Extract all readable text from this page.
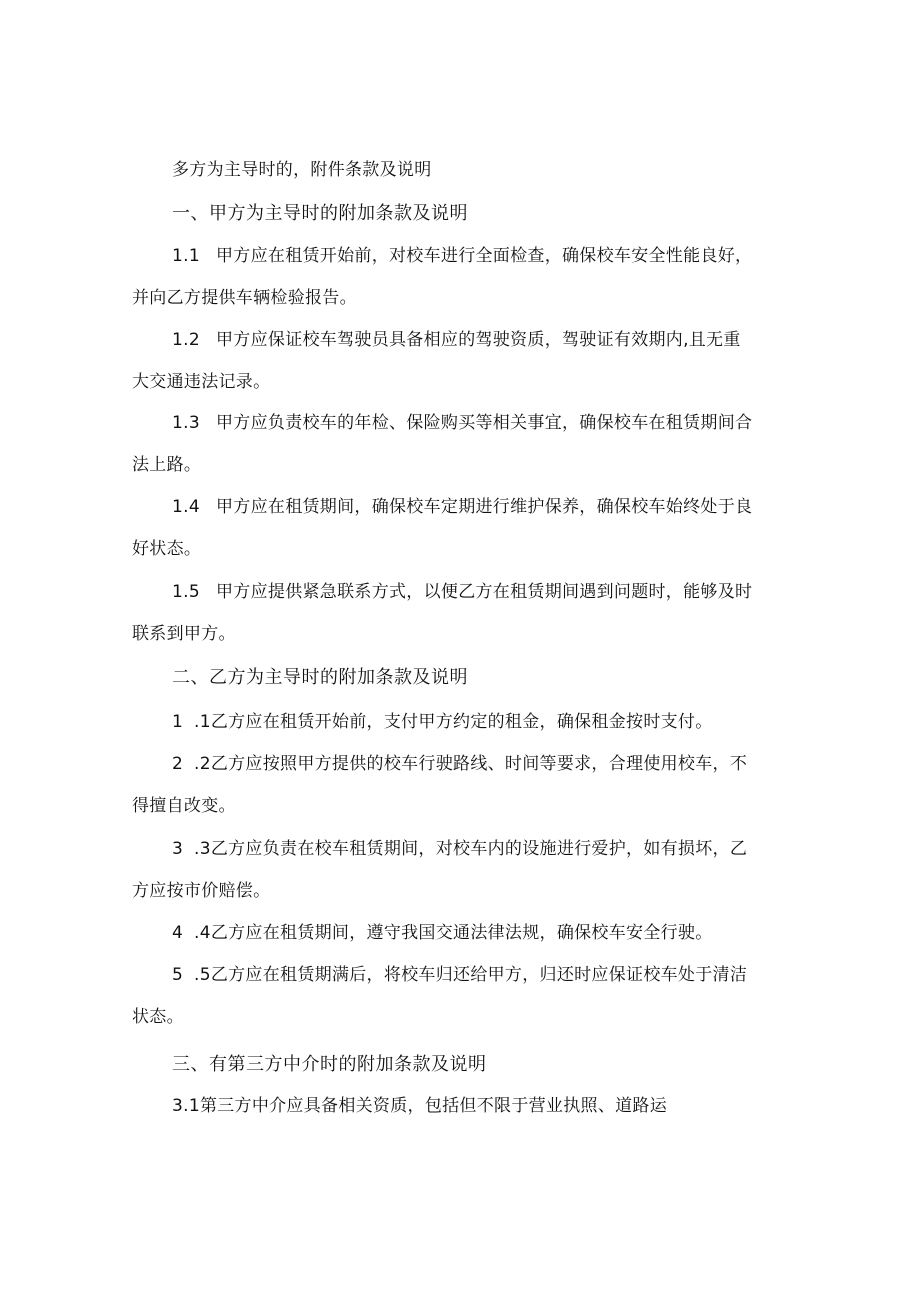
多方为主导时的，附件条款及说明
一、甲方为主导时的附加条款及说明
1.1 甲方应在租赁开始前，对校车进行全面检查，确保校车安全性能良好，
并向乙方提供车辆检验报告。
1.2 甲方应保证校车驾驶员具备相应的驾驶资质，驾驶证有效期内,且无重
大交通违法记录。
1.3 甲方应负责校车的年检、保险购买等相关事宜，确保校车在租赁期间合
法上路。
1.4 甲方应在租赁期间，确保校车定期进行维护保养，确保校车始终处于良
好状态。
1.5 甲方应提供紧急联系方式，以便乙方在租赁期间遇到问题时，能够及时
联系到甲方。
二、乙方为主导时的附加条款及说明
1 .1乙方应在租赁开始前，支付甲方约定的租金，确保租金按时支付。
2 .2乙方应按照甲方提供的校车行驶路线、时间等要求，合理使用校车，不
得擅自改变。
3 .3乙方应负责在校车租赁期间，对校车内的设施进行爱护，如有损坏，乙
方应按市价赔偿。
4 .4乙方应在租赁期间，遵守我国交通法律法规，确保校车安全行驶。
5 .5乙方应在租赁期满后，将校车归还给甲方，归还时应保证校车处于清洁
状态。
三、有第三方中介时的附加条款及说明
3.1第三方中介应具备相关资质，包括但不限于营业执照、道路运
